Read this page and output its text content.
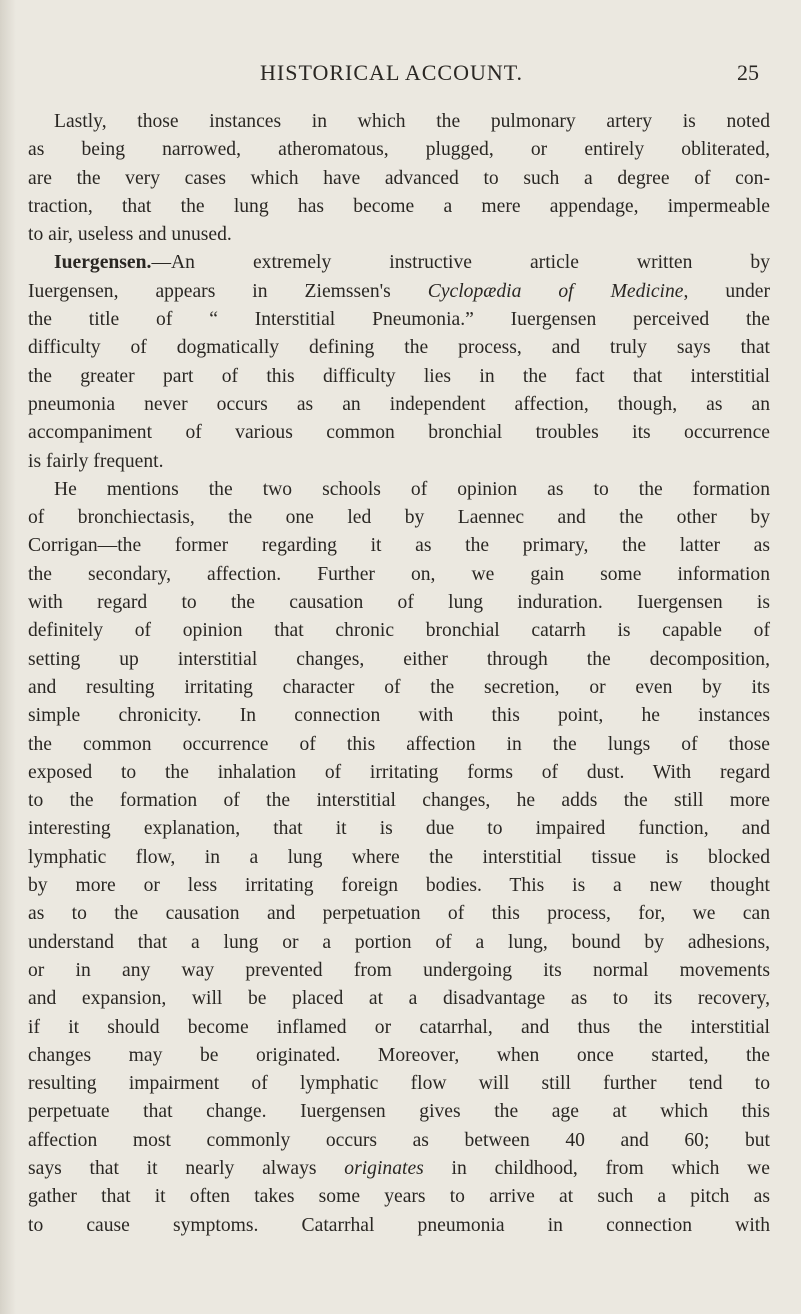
HISTORICAL ACCOUNT.	25
Lastly, those instances in which the pulmonary artery is noted
as being narrowed, atheromatous, plugged, or entirely obliterated,
are the very cases which have advanced to such a degree of con-
traction, that the lung has become a mere appendage, impermeable
to air, useless and unused.
Iuergensen.—An extremely instructive article written by
Iuergensen, appears in Ziemssen's Cyclopædia of Medicine, under
the title of “ Interstitial Pneumonia.” Iuergensen perceived the
difficulty of dogmatically defining the process, and truly says that
the greater part of this difficulty lies in the fact that interstitial
pneumonia never occurs as an independent affection, though, as an
accompaniment of various common bronchial troubles its occurrence
is fairly frequent.
He mentions the two schools of opinion as to the formation
of bronchiectasis, the one led by Laennec and the other by
Corrigan—the former regarding it as the primary, the latter as
the secondary, affection. Further on, we gain some information
with regard to the causation of lung induration. Iuergensen is
definitely of opinion that chronic bronchial catarrh is capable of
setting up interstitial changes, either through the decomposition,
and resulting irritating character of the secretion, or even by its
simple chronicity. In connection with this point, he instances
the common occurrence of this affection in the lungs of those
exposed to the inhalation of irritating forms of dust. With regard
to the formation of the interstitial changes, he adds the still more
interesting explanation, that it is due to impaired function, and
lymphatic flow, in a lung where the interstitial tissue is blocked
by more or less irritating foreign bodies. This is a new thought
as to the causation and perpetuation of this process, for, we can
understand that a lung or a portion of a lung, bound by adhesions,
or in any way prevented from undergoing its normal movements
and expansion, will be placed at a disadvantage as to its recovery,
if it should become inflamed or catarrhal, and thus the interstitial
changes may be originated. Moreover, when once started, the
resulting impairment of lymphatic flow will still further tend to
perpetuate that change. Iuergensen gives the age at which this
affection most commonly occurs as between 40 and 60; but
says that it nearly always originates in childhood, from which we
gather that it often takes some years to arrive at such a pitch as
to cause symptoms. Catarrhal pneumonia in connection with
